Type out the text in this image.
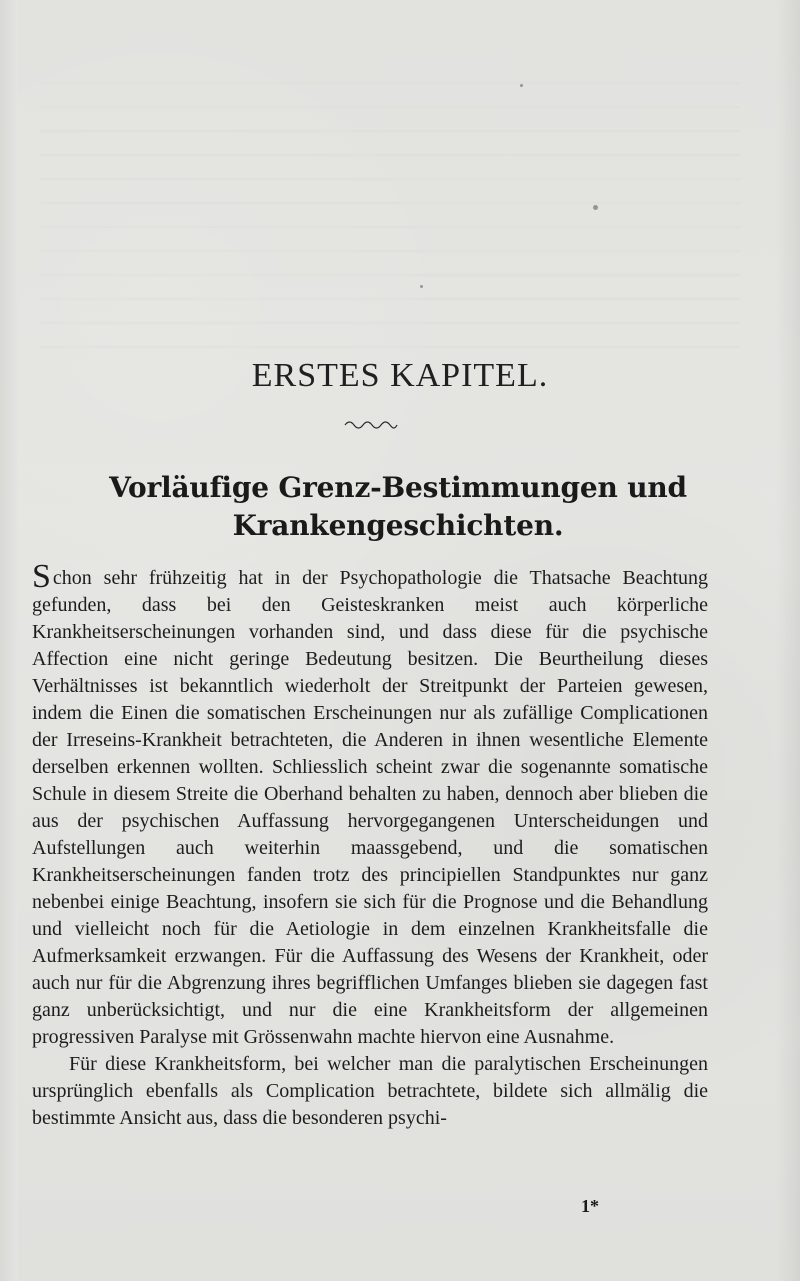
ERSTES KAPITEL.
Vorläufige Grenz-Bestimmungen und Krankengeschichten.

Schon sehr frühzeitig hat in der Psychopathologie die Thatsache Beachtung gefunden, dass bei den Geisteskranken meist auch körperliche Krankheitserscheinungen vorhanden sind, und dass diese für die psychische Affection eine nicht geringe Bedeutung besitzen. Die Beurtheilung dieses Verhältnisses ist bekanntlich wiederholt der Streitpunkt der Parteien gewesen, indem die Einen die somatischen Erscheinungen nur als zufällige Complicationen der Irreseins-Krankheit betrachteten, die Anderen in ihnen wesentliche Elemente derselben erkennen wollten. Schliesslich scheint zwar die sogenannte somatische Schule in diesem Streite die Oberhand behalten zu haben, dennoch aber blieben die aus der psychischen Auffassung hervorgegangenen Unterscheidungen und Aufstellungen auch weiterhin maassgebend, und die somatischen Krankheitserscheinungen fanden trotz des principiellen Standpunktes nur ganz nebenbei einige Beachtung, insofern sie sich für die Prognose und die Behandlung und vielleicht noch für die Aetiologie in dem einzelnen Krankheitsfalle die Aufmerksamkeit erzwangen. Für die Auffassung des Wesens der Krankheit, oder auch nur für die Abgrenzung ihres begrifflichen Umfanges blieben sie dagegen fast ganz unberücksichtigt, und nur die eine Krankheitsform der allgemeinen progressiven Paralyse mit Grössenwahn machte hiervon eine Ausnahme.

Für diese Krankheitsform, bei welcher man die paralytischen Erscheinungen ursprünglich ebenfalls als Complication betrachtete, bildete sich allmälig die bestimmte Ansicht aus, dass die besonderen psychi-

1*
